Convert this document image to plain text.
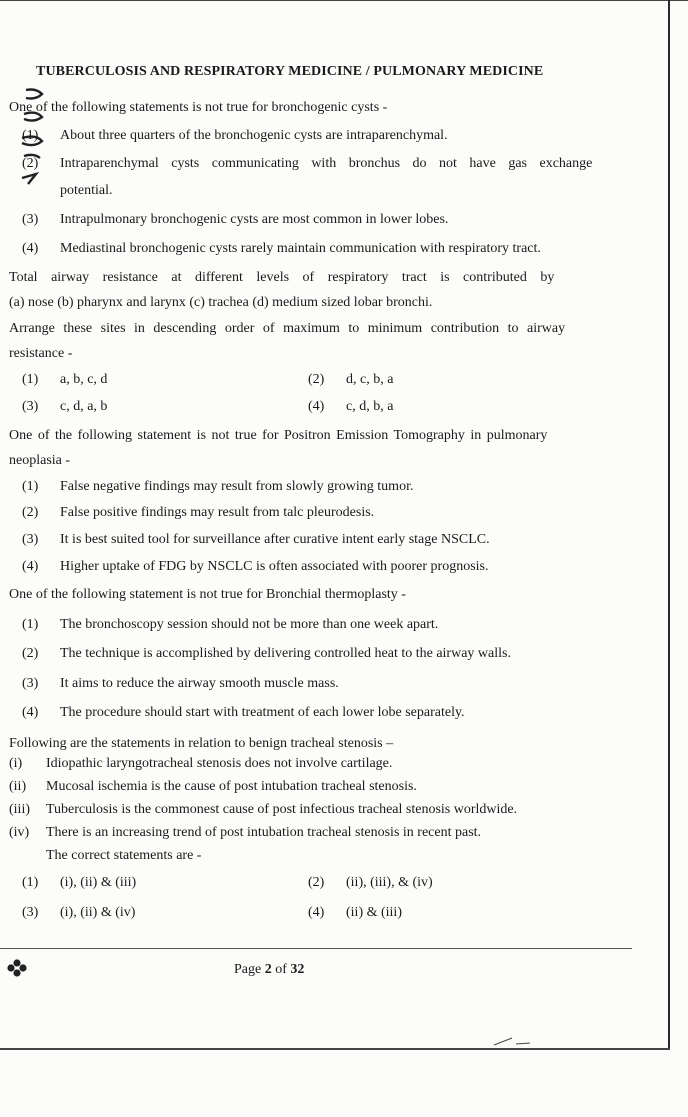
TUBERCULOSIS AND RESPIRATORY MEDICINE / PULMONARY MEDICINE
One of the following statements is not true for bronchogenic cysts -
(1) About three quarters of the bronchogenic cysts are intraparenchymal.
(2) Intraparenchymal cysts communicating with bronchus do not have gas exchange
potential.
(3) Intrapulmonary bronchogenic cysts are most common in lower lobes.
(4) Mediastinal bronchogenic cysts rarely maintain communication with respiratory tract.
Total airway resistance at different levels of respiratory tract is contributed by
(a) nose (b) pharynx and larynx (c) trachea (d) medium sized lobar bronchi.
Arrange these sites in descending order of maximum to minimum contribution to airway
resistance -
(1) a, b, c, d	(2) d, c, b, a
(3) c, d, a, b	(4) c, d, b, a
One of the following statement is not true for Positron Emission Tomography in pulmonary
neoplasia -
(1) False negative findings may result from slowly growing tumor.
(2) False positive findings may result from talc pleurodesis.
(3) It is best suited tool for surveillance after curative intent early stage NSCLC.
(4) Higher uptake of FDG by NSCLC is often associated with poorer prognosis.
One of the following statement is not true for Bronchial thermoplasty -
(1) The bronchoscopy session should not be more than one week apart.
(2) The technique is accomplished by delivering controlled heat to the airway walls.
(3) It aims to reduce the airway smooth muscle mass.
(4) The procedure should start with treatment of each lower lobe separately.
Following are the statements in relation to benign tracheal stenosis –
(i) Idiopathic laryngotracheal stenosis does not involve cartilage.
(ii) Mucosal ischemia is the cause of post intubation tracheal stenosis.
(iii) Tuberculosis is the commonest cause of post infectious tracheal stenosis worldwide.
(iv) There is an increasing trend of post intubation tracheal stenosis in recent past.
The correct statements are -
(1) (i), (ii) & (iii)	(2) (ii), (iii), & (iv)
(3) (i), (ii) & (iv)	(4) (ii) & (iii)
Page 2 of 32
